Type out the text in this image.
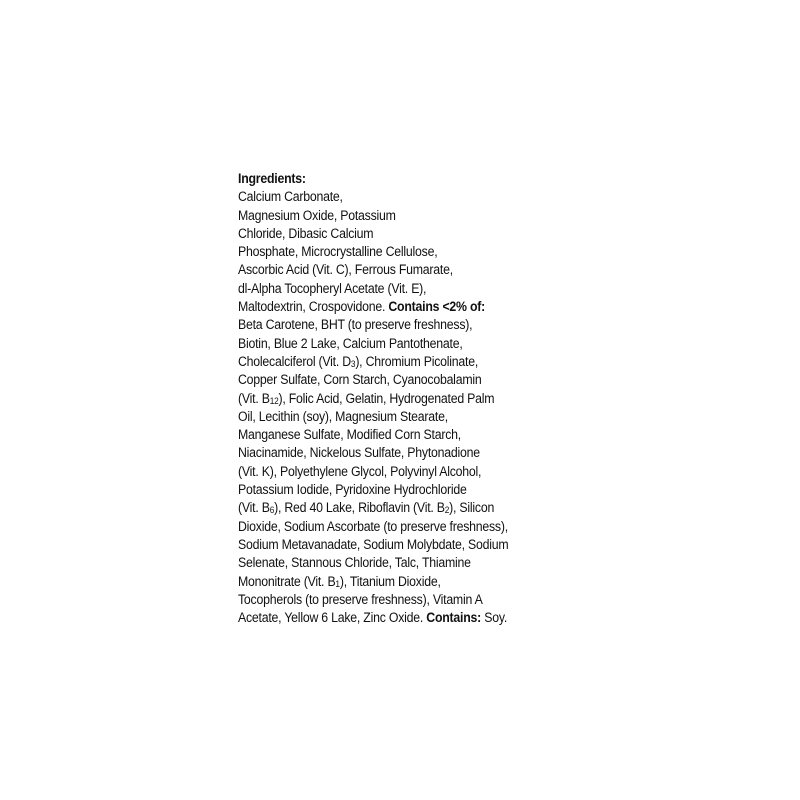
Ingredients:
Calcium Carbonate,
Magnesium Oxide, Potassium
Chloride, Dibasic Calcium
Phosphate, Microcrystalline Cellulose,
Ascorbic Acid (Vit. C), Ferrous Fumarate,
dl-Alpha Tocopheryl Acetate (Vit. E),
Maltodextrin, Crospovidone. Contains <2% of:
Beta Carotene, BHT (to preserve freshness),
Biotin, Blue 2 Lake, Calcium Pantothenate,
Cholecalciferol (Vit. $D_3$), Chromium Picolinate,
Copper Sulfate, Corn Starch, Cyanocobalamin
(Vit. $B_{12}$), Folic Acid, Gelatin, Hydrogenated Palm
Oil, Lecithin (soy), Magnesium Stearate,
Manganese Sulfate, Modified Corn Starch,
Niacinamide, Nickelous Sulfate, Phytonadione
(Vit. K), Polyethylene Glycol, Polyvinyl Alcohol,
Potassium Iodide, Pyridoxine Hydrochloride
(Vit. $B_6$), Red 40 Lake, Riboflavin (Vit. $B_2$), Silicon
Dioxide, Sodium Ascorbate (to preserve freshness),
Sodium Metavanadate, Sodium Molybdate, Sodium
Selenate, Stannous Chloride, Talc, Thiamine
Mononitrate (Vit. $B_1$), Titanium Dioxide,
Tocopherols (to preserve freshness), Vitamin A
Acetate, Yellow 6 Lake, Zinc Oxide. Contains: Soy.
